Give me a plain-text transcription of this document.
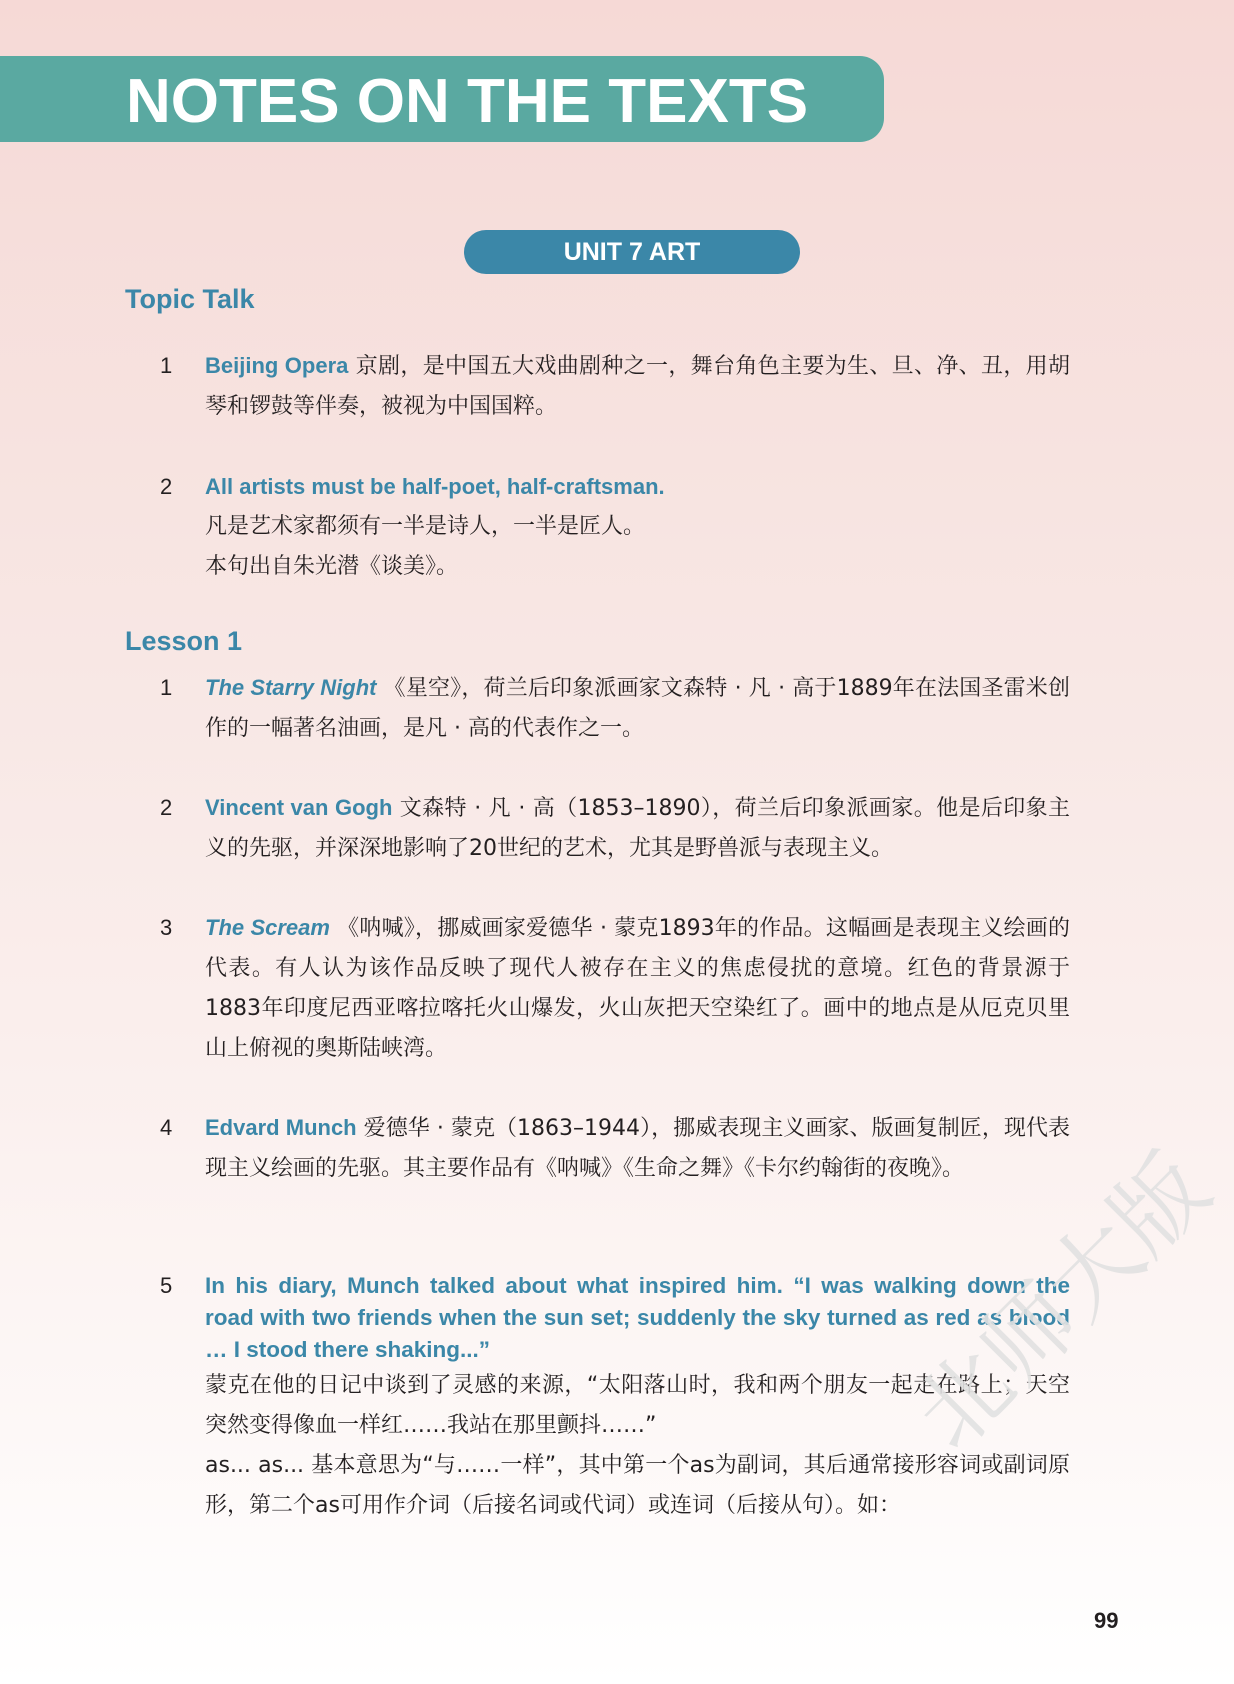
NOTES ON THE TEXTS
UNIT 7 ART
Topic Talk
1	Beijing Opera 京剧，是中国五大戏曲剧种之一，舞台角色主要为生、旦、净、丑，用胡琴和锣鼓等伴奏，被视为中国国粹。
2	All artists must be half-poet, half-craftsman.
凡是艺术家都须有一半是诗人，一半是匠人。
本句出自朱光潜《谈美》。
Lesson 1
1	The Starry Night 《星空》，荷兰后印象派画家文森特 · 凡 · 高于1889年在法国圣雷米创作的一幅著名油画，是凡 · 高的代表作之一。
2	Vincent van Gogh 文森特 · 凡 · 高（1853–1890），荷兰后印象派画家。他是后印象主义的先驱，并深深地影响了20世纪的艺术，尤其是野兽派与表现主义。
3	The Scream 《呐喊》，挪威画家爱德华 · 蒙克1893年的作品。这幅画是表现主义绘画的代表。有人认为该作品反映了现代人被存在主义的焦虑侵扰的意境。红色的背景源于1883年印度尼西亚喀拉喀托火山爆发，火山灰把天空染红了。画中的地点是从厄克贝里山上俯视的奥斯陆峡湾。
4	Edvard Munch 爱德华 · 蒙克（1863–1944），挪威表现主义画家、版画复制匠，现代表现主义绘画的先驱。其主要作品有《呐喊》《生命之舞》《卡尔约翰街的夜晚》。
5	In his diary, Munch talked about what inspired him. “I was walking down the road with two friends when the sun set; suddenly the sky turned as red as blood … I stood there shaking...”
蒙克在他的日记中谈到了灵感的来源，“太阳落山时，我和两个朋友一起走在路上；天空突然变得像血一样红……我站在那里颤抖……”
as... as... 基本意思为“与……一样”，其中第一个as为副词，其后通常接形容词或副词原形，第二个as可用作介词（后接名词或代词）或连词（后接从句）。如：
北师大版
99
